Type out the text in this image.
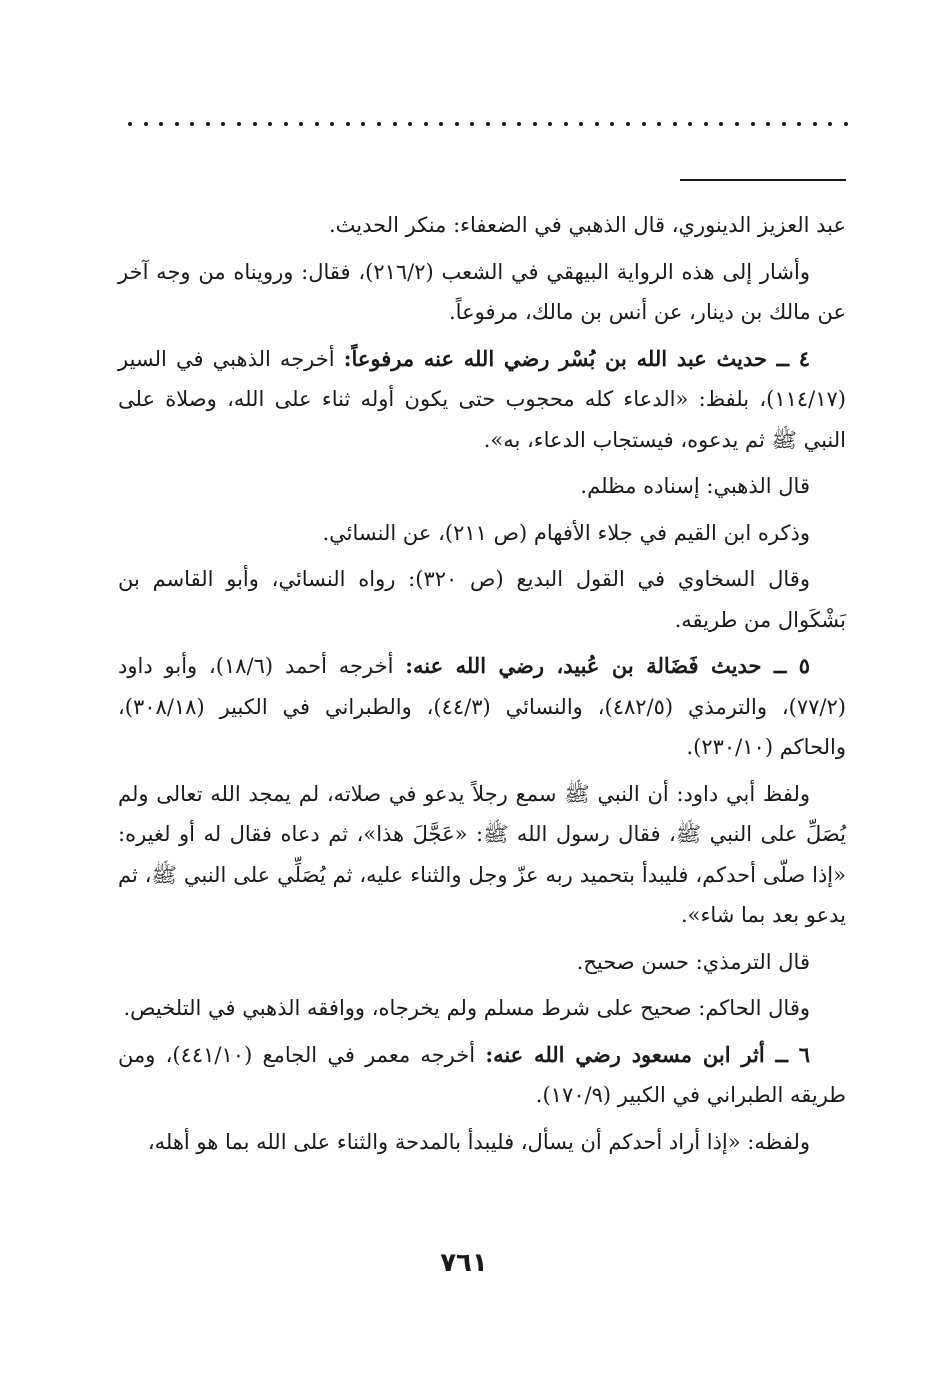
عبد العزيز الدينوري، قال الذهبي في الضعفاء: منكر الحديث.

وأشار إلى هذه الرواية البيهقي في الشعب (٢١٦/٢)، فقال: ورويناه من وجه آخر عن مالك بن دينار، عن أنس بن مالك، مرفوعاً.

٤ ــ حديث عبد الله بن بُسْر رضي الله عنه مرفوعاً: أخرجه الذهبي في السير (١١٤/١٧)، بلفظ: «الدعاء كله محجوب حتى يكون أوله ثناء على الله، وصلاة على النبي ﷺ ثم يدعوه، فيستجاب الدعاء، به».

قال الذهبي: إسناده مظلم.

وذكره ابن القيم في جلاء الأفهام (ص ٢١١)، عن النسائي.

وقال السخاوي في القول البديع (ص ٣٢٠): رواه النسائي، وأبو القاسم بن بَشْكَوال من طريقه.

٥ ــ حديث فَضَالة بن عُبيد، رضي الله عنه: أخرجه أحمد (١٨/٦)، وأبو داود (٧٧/٢)، والترمذي (٤٨٢/٥)، والنسائي (٤٤/٣)، والطبراني في الكبير (٣٠٨/١٨)، والحاكم (٢٣٠/١٠).

ولفظ أبي داود: أن النبي ﷺ سمع رجلاً يدعو في صلاته، لم يمجد الله تعالى ولم يُصَلِّ على النبي ﷺ، فقال رسول الله ﷺ: «عَجَّلَ هذا»، ثم دعاه فقال له أو لغيره: «إذا صلّى أحدكم، فليبدأ بتحميد ربه عزّ وجل والثناء عليه، ثم يُصَلِّي على النبي ﷺ، ثم يدعو بعد بما شاء».

قال الترمذي: حسن صحيح.

وقال الحاكم: صحيح على شرط مسلم ولم يخرجاه، ووافقه الذهبي في التلخيص.

٦ ــ أثر ابن مسعود رضي الله عنه: أخرجه معمر في الجامع (٤٤١/١٠)، ومن طريقه الطبراني في الكبير (١٧٠/٩).

ولفظه: «إذا أراد أحدكم أن يسأل، فليبدأ بالمدحة والثناء على الله بما هو أهله،

٧٦١
